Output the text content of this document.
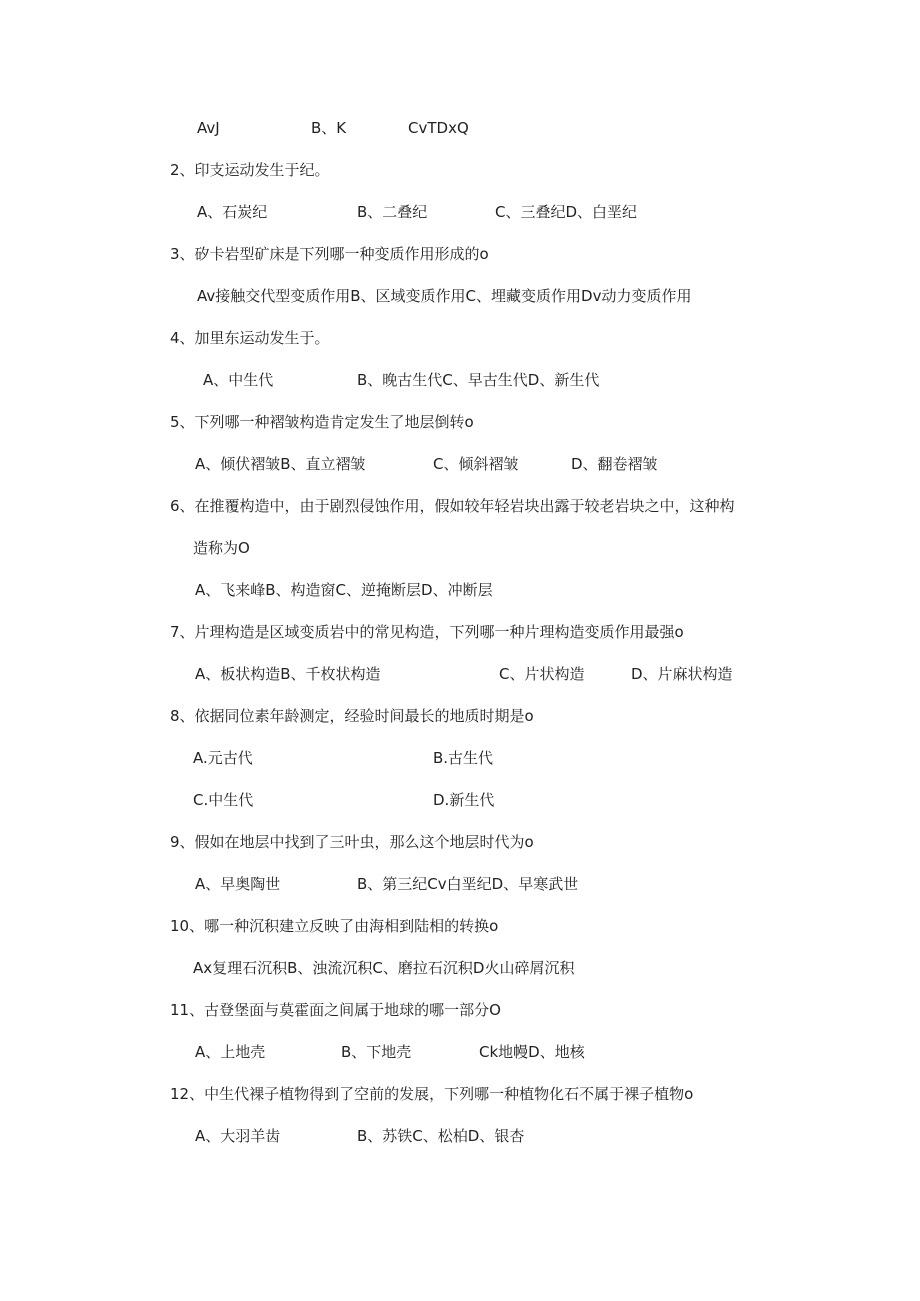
AvJ	B、K	CvTDxQ
2、印支运动发生于纪。
A、石炭纪	B、二叠纪	C、三叠纪D、白垩纪
3、矽卡岩型矿床是下列哪一种变质作用形成的o
Av接触交代型变质作用B、区域变质作用C、埋藏变质作用Dv动力变质作用
4、加里东运动发生于。
A、中生代	B、晚古生代C、早古生代D、新生代
5、下列哪一种褶皱构造肯定发生了地层倒转o
A、倾伏褶皱B、直立褶皱	C、倾斜褶皱	D、翻卷褶皱
6、在推覆构造中，由于剧烈侵蚀作用，假如较年轻岩块出露于较老岩块之中，这种构
造称为O
A、飞来峰B、构造窗C、逆掩断层D、冲断层
7、片理构造是区域变质岩中的常见构造，下列哪一种片理构造变质作用最强o
A、板状构造B、千枚状构造	C、片状构造	D、片麻状构造
8、依据同位素年龄测定，经验时间最长的地质时期是o
A.元古代	B.古生代
C.中生代	D.新生代
9、假如在地层中找到了三叶虫，那么这个地层时代为o
A、早奥陶世	B、第三纪Cv白垩纪D、早寒武世
10、哪一种沉积建立反映了由海相到陆相的转换o
Ax复理石沉积B、浊流沉积C、磨拉石沉积D火山碎屑沉积
11、古登堡面与莫霍面之间属于地球的哪一部分O
A、上地壳	B、下地壳	Ck地幔D、地核
12、中生代裸子植物得到了空前的发展，下列哪一种植物化石不属于裸子植物o
A、大羽羊齿	B、苏铁C、松柏D、银杏
